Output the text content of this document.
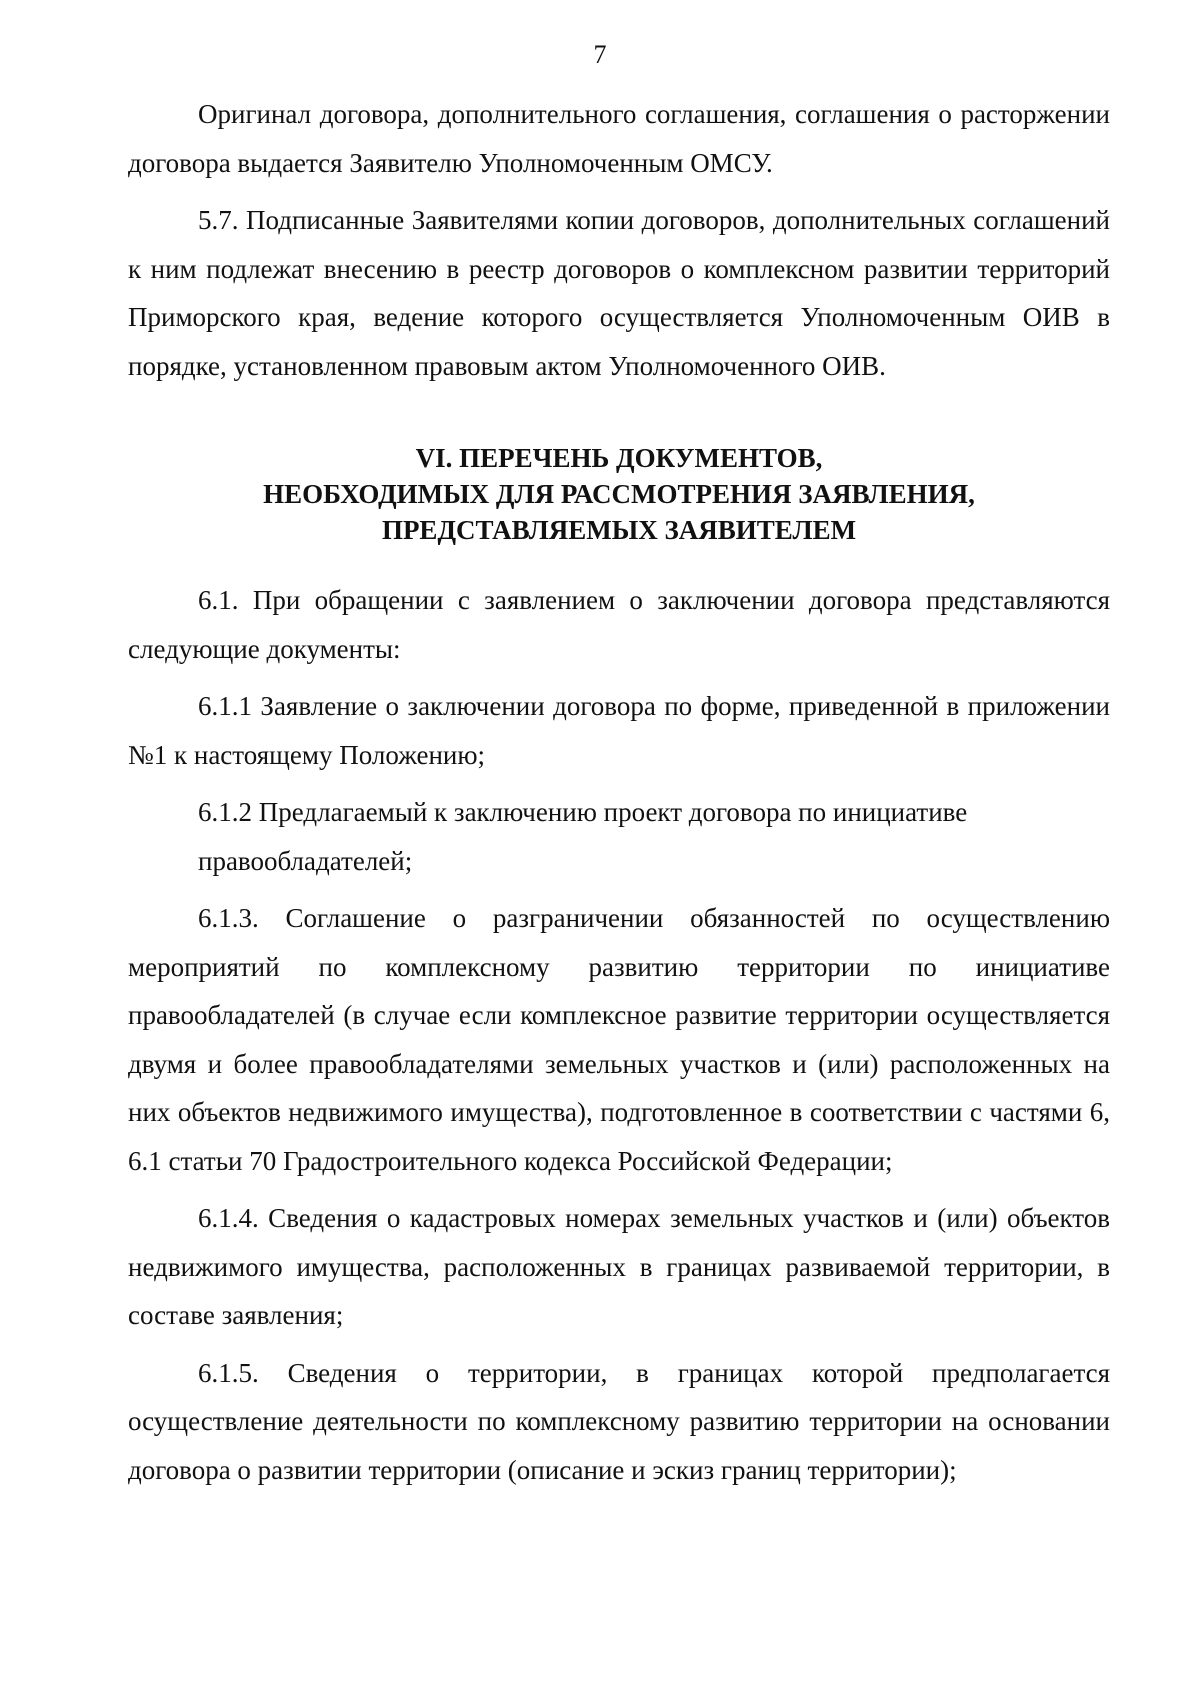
7

Оригинал договора, дополнительного соглашения, соглашения о расторжении договора выдается Заявителю Уполномоченным ОМСУ.

5.7. Подписанные Заявителями копии договоров, дополнительных соглашений к ним подлежат внесению в реестр договоров о комплексном развитии территорий Приморского края, ведение которого осуществляется Уполномоченным ОИВ в порядке, установленном правовым актом Уполномоченного ОИВ.

VI. ПЕРЕЧЕНЬ ДОКУМЕНТОВ,
НЕОБХОДИМЫХ ДЛЯ РАССМОТРЕНИЯ ЗАЯВЛЕНИЯ,
ПРЕДСТАВЛЯЕМЫХ ЗАЯВИТЕЛЕМ

6.1. При обращении с заявлением о заключении договора представляются следующие документы:

6.1.1 Заявление о заключении договора по форме, приведенной в приложении №1 к настоящему Положению;

6.1.2 Предлагаемый к заключению проект договора по инициативе

правообладателей;

6.1.3. Соглашение о разграничении обязанностей по осуществлению мероприятий по комплексному развитию территории по инициативе правообладателей (в случае если комплексное развитие территории осуществляется двумя и более правообладателями земельных участков и (или) расположенных на них объектов недвижимого имущества), подготовленное в соответствии с частями 6, 6.1 статьи 70 Градостроительного кодекса Российской Федерации;

6.1.4. Сведения о кадастровых номерах земельных участков и (или) объектов недвижимого имущества, расположенных в границах развиваемой территории, в составе заявления;

6.1.5. Сведения о территории, в границах которой предполагается осуществление деятельности по комплексному развитию территории на основании договора о развитии территории (описание и эскиз границ территории);
